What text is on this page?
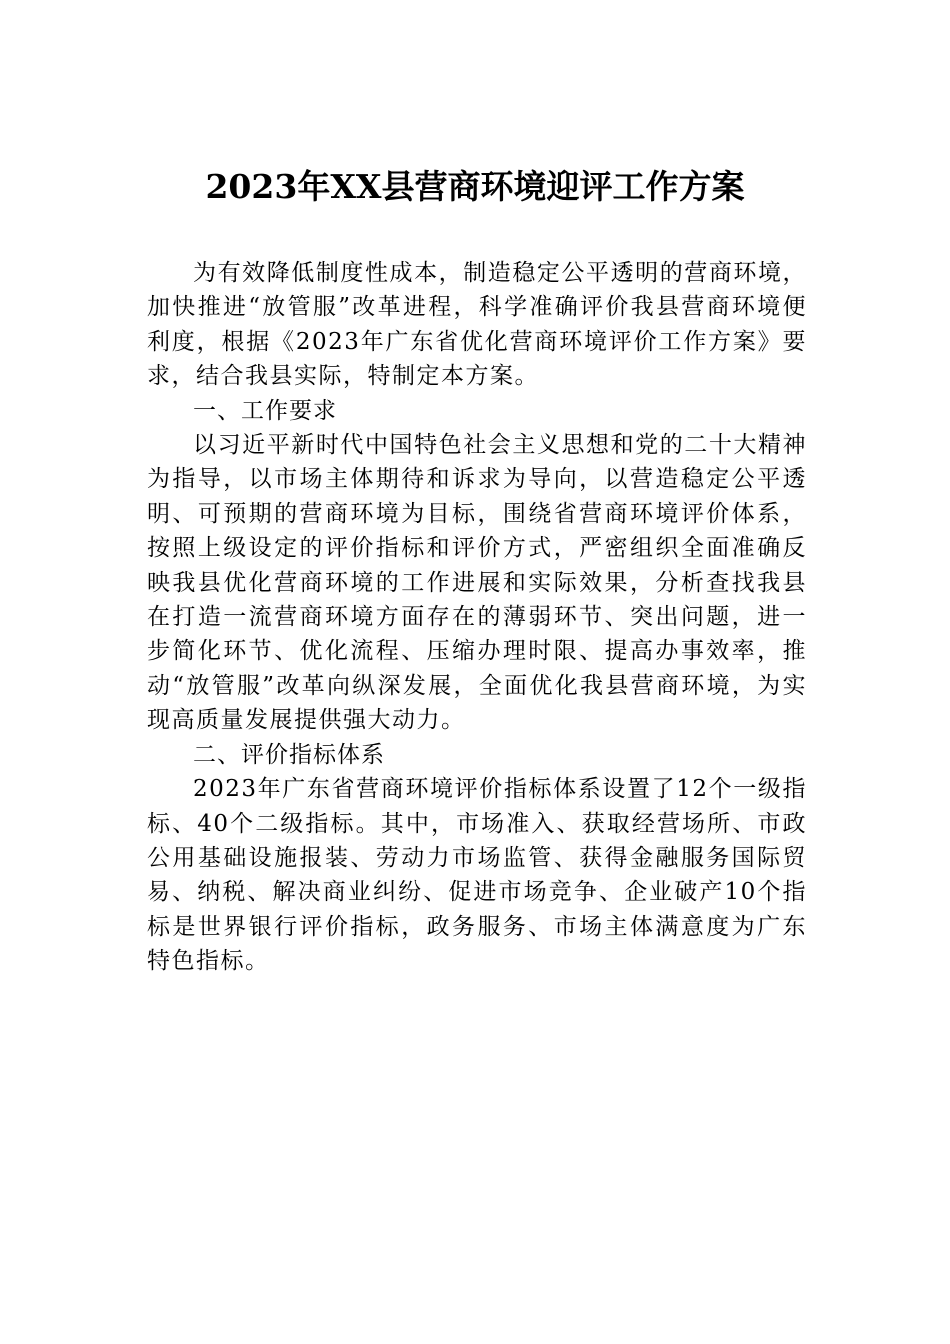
2023年XX县营商环境迎评工作方案

为有效降低制度性成本，制造稳定公平透明的营商环境，加快推进“放管服”改革进程，科学准确评价我县营商环境便利度，根据《2023年广东省优化营商环境评价工作方案》要求，结合我县实际，特制定本方案。

一、工作要求

以习近平新时代中国特色社会主义思想和党的二十大精神为指导，以市场主体期待和诉求为导向，以营造稳定公平透明、可预期的营商环境为目标，围绕省营商环境评价体系，按照上级设定的评价指标和评价方式，严密组织全面准确反映我县优化营商环境的工作进展和实际效果，分析查找我县在打造一流营商环境方面存在的薄弱环节、突出问题，进一步简化环节、优化流程、压缩办理时限、提高办事效率，推动“放管服”改革向纵深发展，全面优化我县营商环境，为实现高质量发展提供强大动力。

二、评价指标体系

2023年广东省营商环境评价指标体系设置了12个一级指标、40个二级指标。其中，市场准入、获取经营场所、市政公用基础设施报装、劳动力市场监管、获得金融服务国际贸易、纳税、解决商业纠纷、促进市场竞争、企业破产10个指标是世界银行评价指标，政务服务、市场主体满意度为广东特色指标。
